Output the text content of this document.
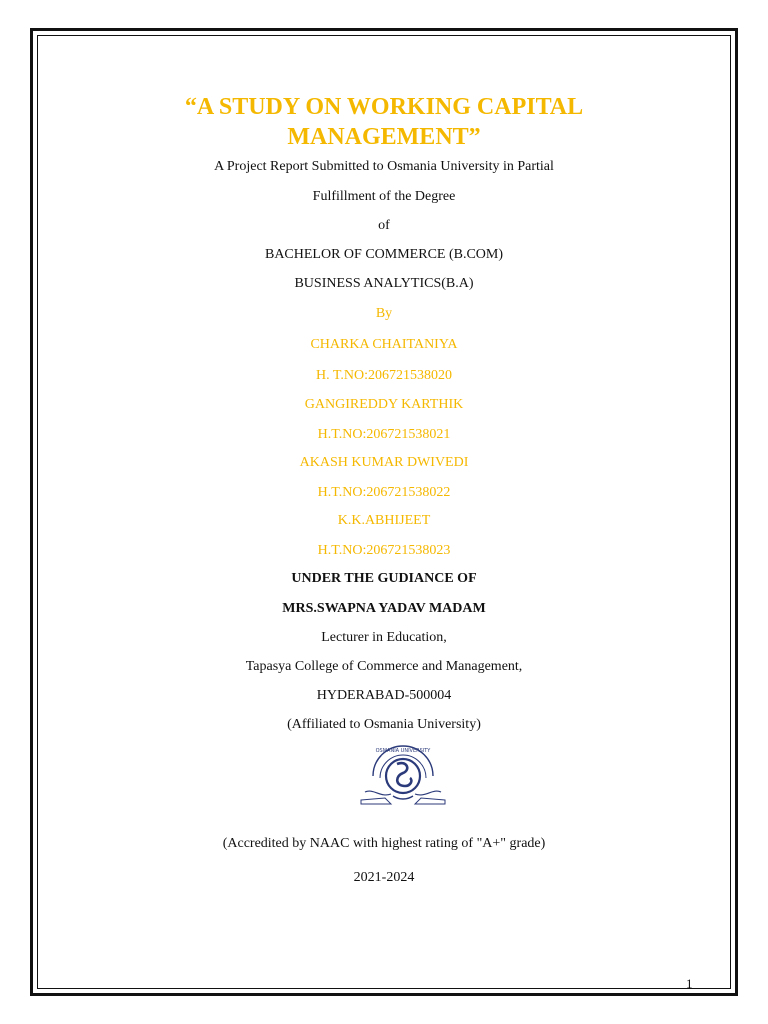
“A STUDY ON WORKING CAPITAL
MANAGEMENT”
A Project Report Submitted to Osmania University in Partial
Fulfillment of the Degree
of
BACHELOR OF COMMERCE (B.COM)
BUSINESS ANALYTICS(B.A)
By
CHARKA CHAITANIYA
H. T.NO:206721538020
GANGIREDDY KARTHIK
H.T.NO:206721538021
AKASH KUMAR DWIVEDI
H.T.NO:206721538022
K.K.ABHIJEET
H.T.NO:206721538023
UNDER THE GUDIANCE OF
MRS.SWAPNA YADAV MADAM
Lecturer in Education,
Tapasya College of Commerce and Management,
HYDERABAD-500004
(Affiliated to Osmania University)
OSMANIA UNIVERSITY
(Accredited by NAAC with highest rating of "A+" grade)
2021-2024
1
